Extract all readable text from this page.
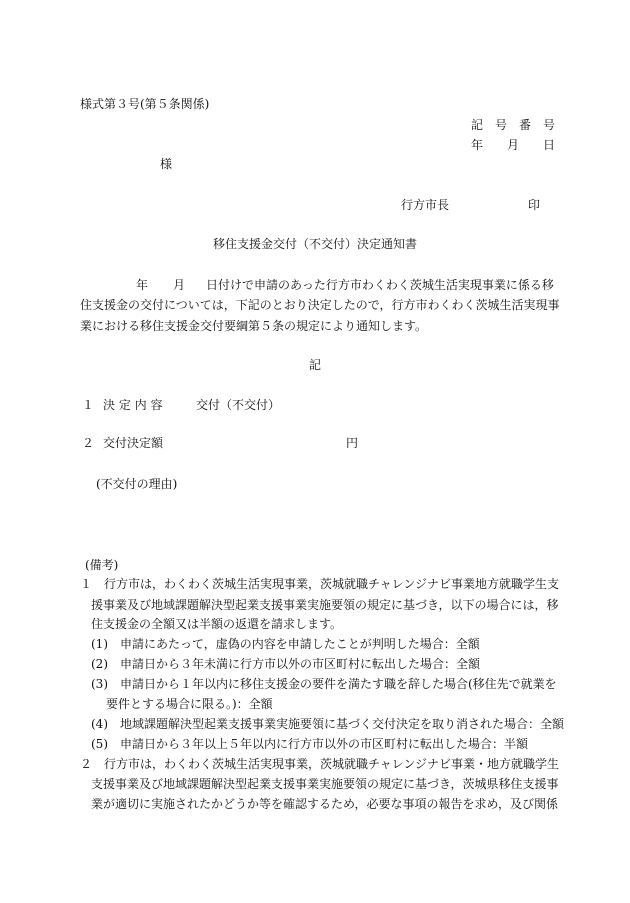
様式第３号(第５条関係)
記　号　番　号
年　　月　　日
様
行方市長	印
移住支援金交付（不交付）決定通知書
年 月 日付けで申請のあった行方市わくわく茨城生活実現事業に係る移
住支援金の交付については，下記のとおり決定したので，行方市わくわく茨城生活実現事
業における移住支援金交付要綱第５条の規定により通知します。
記
１ 決 定 内 容	交付（不交付）
２ 交付決定額	円
(不交付の理由)
(備考)
１　行方市は，わくわく茨城生活実現事業，茨城就職チャレンジナビ事業地方就職学生支
援事業及び地域課題解決型起業支援事業実施要領の規定に基づき，以下の場合には，移
住支援金の全額又は半額の返還を請求します。
(1)　申請にあたって，虚偽の内容を申請したことが判明した場合：全額
(2)　申請日から３年未満に行方市以外の市区町村に転出した場合：全額
(3)　申請日から１年以内に移住支援金の要件を満たす職を辞した場合(移住先で就業を
要件とする場合に限る。)：全額
(4)　地域課題解決型起業支援事業実施要領に基づく交付決定を取り消された場合：全額
(5)　申請日から３年以上５年以内に行方市以外の市区町村に転出した場合：半額
２　行方市は，わくわく茨城生活実現事業，茨城就職チャレンジナビ事業・地方就職学生
支援事業及び地域課題解決型起業支援事業実施要領の規定に基づき，茨城県移住支援事
業が適切に実施されたかどうか等を確認するため，必要な事項の報告を求め，及び関係
年　　月　　日付けで申請のあった行方市わくわく茨城生活実現事業に係る移
